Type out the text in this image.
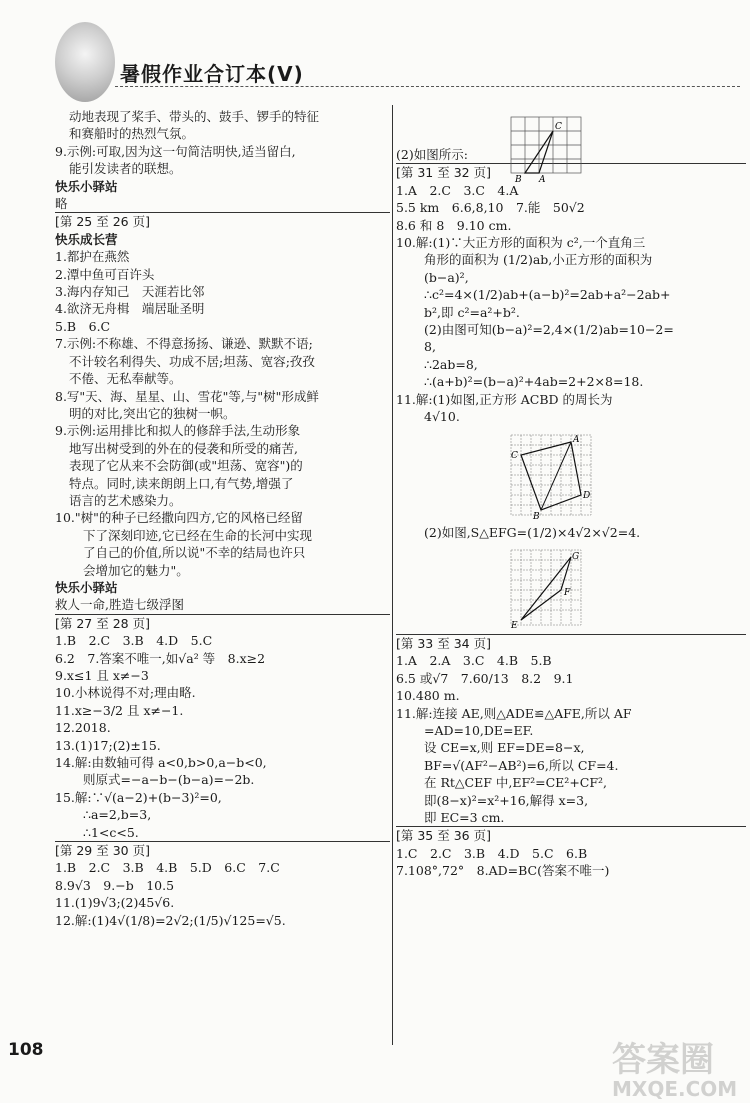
暑假作业合订本(V)
动地表现了桨手、带头的、鼓手、锣手的特征
和赛船时的热烈气氛。
9.示例:可取,因为这一句简洁明快,适当留白,
能引发读者的联想。
快乐小驿站
略
[第 25 至 26 页]
快乐成长营
1.都护在燕然
2.潭中鱼可百许头
3.海内存知己　天涯若比邻
4.欲济无舟楫　端居耻圣明
5.B　6.C
7.示例:不称雄、不得意扬扬、谦逊、默默不语;
不计较名利得失、功成不居;坦荡、宽容;孜孜
不倦、无私奉献等。
8.写"天、海、星星、山、雪花"等,与"树"形成鲜
明的对比,突出它的独树一帜。
9.示例:运用排比和拟人的修辞手法,生动形象
地写出树受到的外在的侵袭和所受的痛苦,
表现了它从来不会防御(或"坦荡、宽容")的
特点。同时,读来朗朗上口,有气势,增强了
语言的艺术感染力。
10."树"的种子已经撒向四方,它的风格已经留
下了深刻印迹,它已经在生命的长河中实现
了自己的价值,所以说"不幸的结局也许只
会增加它的魅力"。
快乐小驿站
救人一命,胜造七级浮图
[第 27 至 28 页]
1.B　2.C　3.B　4.D　5.C
6.2　7.答案不唯一,如√a² 等　8.x≥2
9.x≤1 且 x≠−3
10.小林说得不对;理由略.
11.x≥−3/2 且 x≠−1.
12.2018.
13.(1)17;(2)±15.
14.解:由数轴可得 a<0,b>0,a−b<0,
则原式=−a−b−(b−a)=−2b.
15.解:∵√(a−2)+(b−3)²=0,
∴a=2,b=3,
∴1<c<5.
[第 29 至 30 页]
1.B　2.C　3.B　4.B　5.D　6.C　7.C
8.9√3　9.−b　10.5
11.(1)9√3;(2)45√6.
12.解:(1)4√(1/8)=2√2;(1/5)√125=√5.
C
B A
(2)如图所示:
[第 31 至 32 页]
1.A　2.C　3.C　4.A
5.5 km　6.6,8,10　7.能　50√2
8.6 和 8　9.10 cm.
10.解:(1)∵大正方形的面积为 c²,一个直角三
角形的面积为 (1/2)ab,小正方形的面积为
(b−a)²,
∴c²=4×(1/2)ab+(a−b)²=2ab+a²−2ab+
b²,即 c²=a²+b².
(2)由图可知(b−a)²=2,4×(1/2)ab=10−2=
8,
∴2ab=8,
∴(a+b)²=(b−a)²+4ab=2+2×8=18.
11.解:(1)如图,正方形 ACBD 的周长为
4√10.
A
C
D
B
(2)如图,S△EFG=(1/2)×4√2×√2=4.
G
F
E
[第 33 至 34 页]
1.A　2.A　3.C　4.B　5.B
6.5 或√7　7.60/13　8.2　9.1
10.480 m.
11.解:连接 AE,则△ADE≌△AFE,所以 AF
=AD=10,DE=EF.
设 CE=x,则 EF=DE=8−x,
BF=√(AF²−AB²)=6,所以 CF=4.
在 Rt△CEF 中,EF²=CE²+CF²,
即(8−x)²=x²+16,解得 x=3,
即 EC=3 cm.
[第 35 至 36 页]
1.C　2.C　3.B　4.D　5.C　6.B
7.108°,72°　8.AD=BC(答案不唯一)
108	答案圈
MXQE.COM
